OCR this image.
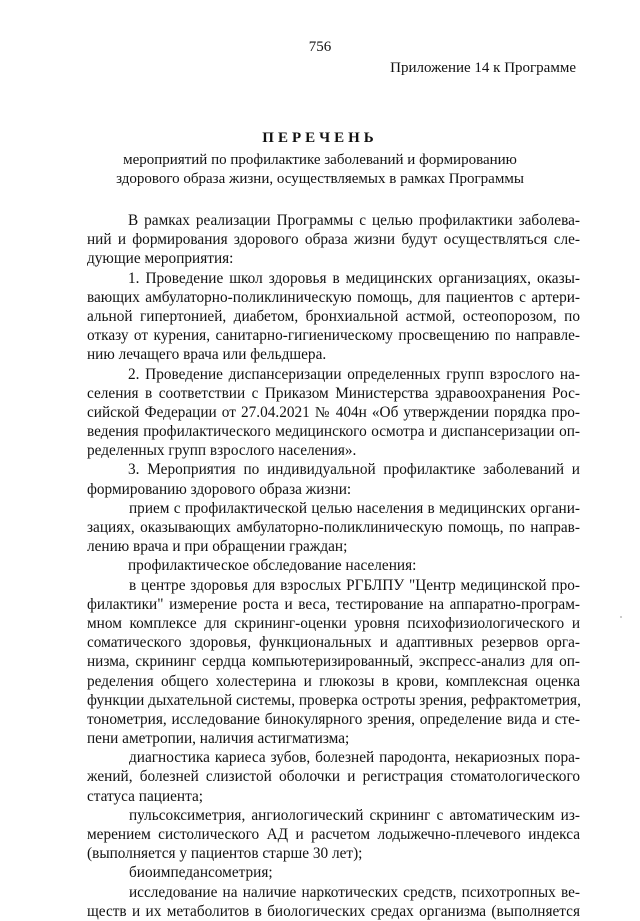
756
Приложение 14 к Программе
ПЕРЕЧЕНЬ
мероприятий по профилактике заболеваний и формированию
здорового образа жизни, осуществляемых в рамках Программы
В рамках реализации Программы с целью профилактики заболева-
ний и формирования здорового образа жизни будут осуществляться сле-
дующие мероприятия:
1. Проведение школ здоровья в медицинских организациях, оказы-
вающих амбулаторно-поликлиническую помощь, для пациентов с артери-
альной гипертонией, диабетом, бронхиальной астмой, остеопорозом, по
отказу от курения, санитарно-гигиеническому просвещению по направле-
нию лечащего врача или фельдшера.
2. Проведение диспансеризации определенных групп взрослого на-
селения в соответствии с Приказом Министерства здравоохранения Рос-
сийской Федерации от 27.04.2021 № 404н «Об утверждении порядка про-
ведения профилактического медицинского осмотра и диспансеризации оп-
ределенных групп взрослого населения».
3. Мероприятия по индивидуальной профилактике заболеваний и
формированию здорового образа жизни:
прием с профилактической целью населения в медицинских органи-
зациях, оказывающих амбулаторно-поликлиническую помощь, по направ-
лению врача и при обращении граждан;
профилактическое обследование населения:
в центре здоровья для взрослых РГБЛПУ "Центр медицинской про-
филактики" измерение роста и веса, тестирование на аппаратно-програм-
мном комплексе для скрининг-оценки уровня психофизиологического и
соматического здоровья, функциональных и адаптивных резервов орга-
низма, скрининг сердца компьютеризированный, экспресс-анализ для оп-
ределения общего холестерина и глюкозы в крови, комплексная оценка
функции дыхательной системы, проверка остроты зрения, рефрактометрия,
тонометрия, исследование бинокулярного зрения, определение вида и сте-
пени аметропии, наличия астигматизма;
диагностика кариеса зубов, болезней пародонта, некариозных пора-
жений, болезней слизистой оболочки и регистрация стоматологического
статуса пациента;
пульсоксиметрия, ангиологический скрининг с автоматическим из-
мерением систолического АД и расчетом лодыжечно-плечевого индекса
(выполняется у пациентов старше 30 лет);
биоимпедансометрия;
исследование на наличие наркотических средств, психотропных ве-
ществ и их метаболитов в биологических средах организма (выполняется
